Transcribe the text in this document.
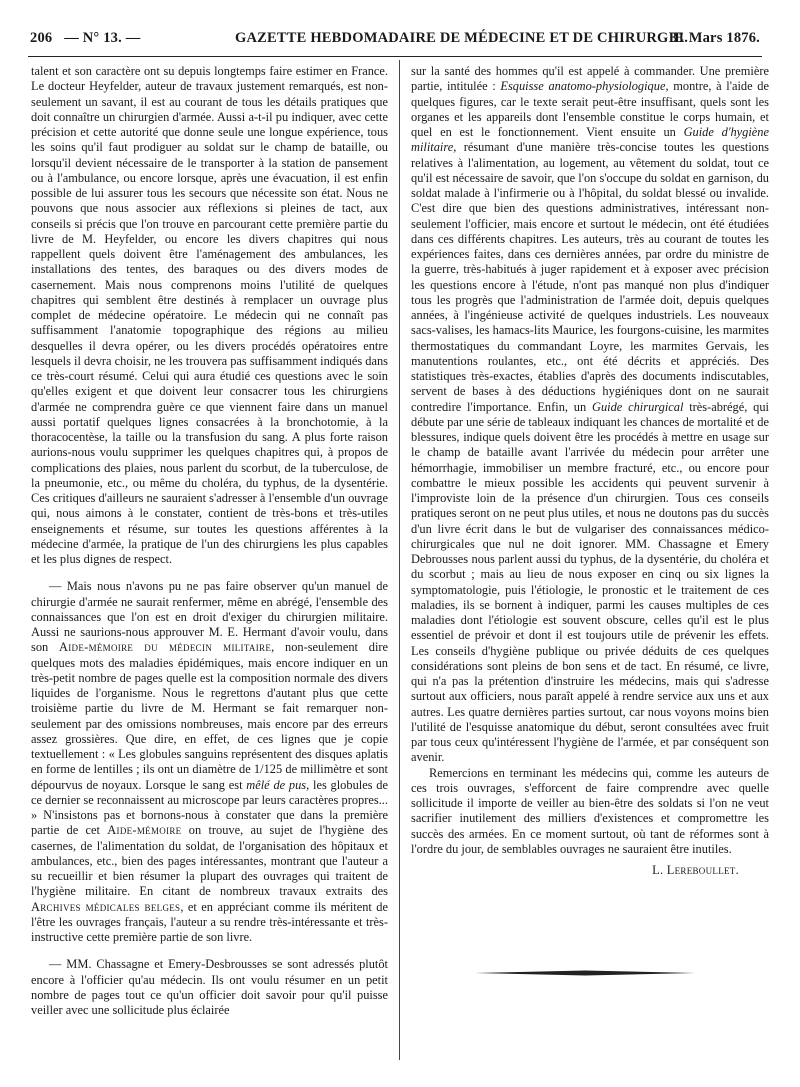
206 — N° 13. —	GAZETTE HEBDOMADAIRE DE MÉDECINE ET DE CHIRURGIE.
31 Mars 1876.

talent et son caractère ont su depuis longtemps faire estimer en France. Le docteur Heyfelder, auteur de travaux justement remarqués, est non-seulement un savant, il est au courant de tous les détails pratiques que doit connaître un chirurgien d'armée. Aussi a-t-il pu indiquer, avec cette précision et cette autorité que donne seule une longue expérience, tous les soins qu'il faut prodiguer au soldat sur le champ de bataille, ou lorsqu'il devient nécessaire de le transporter à la station de pansement ou à l'ambulance, ou encore lorsque, après une évacuation, il est enfin possible de lui assurer tous les secours que nécessite son état. Nous ne pouvons que nous associer aux réflexions si pleines de tact, aux conseils si précis que l'on trouve en parcourant cette première partie du livre de M. Heyfelder, ou encore les divers chapitres qui nous rappellent quels doivent être l'aménagement des ambulances, les installations des tentes, des baraques ou des divers modes de casernement. Mais nous comprenons moins l'utilité de quelques chapitres qui semblent être destinés à remplacer un ouvrage plus complet de médecine opératoire. Le médecin qui ne connaît pas suffisamment l'anatomie topographique des régions au milieu desquelles il devra opérer, ou les divers procédés opératoires entre lesquels il devra choisir, ne les trouvera pas suffisamment indiqués dans ce très-court résumé. Celui qui aura étudié ces questions avec le soin qu'elles exigent et que doivent leur consacrer tous les chirurgiens d'armée ne comprendra guère ce que viennent faire dans un manuel aussi portatif quelques lignes consacrées à la bronchotomie, à la thoracocentèse, la taille ou la transfusion du sang. A plus forte raison aurions-nous voulu supprimer les quelques chapitres qui, à propos de complications des plaies, nous parlent du scorbut, de la tuberculose, de la pneumonie, etc., ou même du choléra, du typhus, de la dysentérie. Ces critiques d'ailleurs ne sauraient s'adresser à l'ensemble d'un ouvrage qui, nous aimons à le constater, contient de très-bons et très-utiles enseignements et résume, sur toutes les questions afférentes à la médecine d'armée, la pratique de l'un des chirurgiens les plus capables et les plus dignes de respect.

— Mais nous n'avons pu ne pas faire observer qu'un manuel de chirurgie d'armée ne saurait renfermer, même en abrégé, l'ensemble des connaissances que l'on est en droit d'exiger du chirurgien militaire. Aussi ne saurions-nous approuver M. E. Hermant d'avoir voulu, dans son Aide-mémoire du médecin militaire, non-seulement dire quelques mots des maladies épidémiques, mais encore indiquer en un très-petit nombre de pages quelle est la composition normale des divers liquides de l'organisme. Nous le regrettons d'autant plus que cette troisième partie du livre de M. Hermant se fait remarquer non-seulement par des omissions nombreuses, mais encore par des erreurs assez grossières. Que dire, en effet, de ces lignes que je copie textuellement : « Les globules sanguins représentent des disques aplatis en forme de lentilles ; ils ont un diamètre de 1/125 de millimètre et sont dépourvus de noyaux. Lorsque le sang est mêlé de pus, les globules de ce dernier se reconnaissent au microscope par leurs caractères propres... » N'insistons pas et bornons-nous à constater que dans la première partie de cet Aide-mémoire on trouve, au sujet de l'hygiène des casernes, de l'alimentation du soldat, de l'organisation des hôpitaux et ambulances, etc., bien des pages intéressantes, montrant que l'auteur a su recueillir et bien résumer la plupart des ouvrages qui traitent de l'hygiène militaire. En citant de nombreux travaux extraits des Archives médicales belges, et en appréciant comme ils méritent de l'être les ouvrages français, l'auteur a su rendre très-intéressante et très-instructive cette première partie de son livre.

— MM. Chassagne et Emery-Desbrousses se sont adressés plutôt encore à l'officier qu'au médecin. Ils ont voulu résumer en un petit nombre de pages tout ce qu'un officier doit savoir pour qu'il puisse veiller avec une sollicitude plus éclairée

sur la santé des hommes qu'il est appelé à commander. Une première partie, intitulée : Esquisse anatomo-physiologique, montre, à l'aide de quelques figures, car le texte serait peut-être insuffisant, quels sont les organes et les appareils dont l'ensemble constitue le corps humain, et quel en est le fonctionnement. Vient ensuite un Guide d'hygiène militaire, résumant d'une manière très-concise toutes les questions relatives à l'alimentation, au logement, au vêtement du soldat, tout ce qu'il est nécessaire de savoir, que l'on s'occupe du soldat en garnison, du soldat malade à l'infirmerie ou à l'hôpital, du soldat blessé ou invalide. C'est dire que bien des questions administratives, intéressant non-seulement l'officier, mais encore et surtout le médecin, ont été étudiées dans ces différents chapitres. Les auteurs, très au courant de toutes les expériences faites, dans ces dernières années, par ordre du ministre de la guerre, très-habitués à juger rapidement et à exposer avec précision les questions encore à l'étude, n'ont pas manqué non plus d'indiquer tous les progrès que l'administration de l'armée doit, depuis quelques années, à l'ingénieuse activité de quelques industriels. Les nouveaux sacs-valises, les hamacs-lits Maurice, les fourgons-cuisine, les marmites thermostatiques du commandant Loyre, les marmites Gervais, les manutentions roulantes, etc., ont été décrits et appréciés. Des statistiques très-exactes, établies d'après des documents indiscutables, servent de bases à des déductions hygiéniques dont on ne saurait contredire l'importance. Enfin, un Guide chirurgical très-abrégé, qui débute par une série de tableaux indiquant les chances de mortalité et de blessures, indique quels doivent être les procédés à mettre en usage sur le champ de bataille avant l'arrivée du médecin pour arrêter une hémorrhagie, immobiliser un membre fracturé, etc., ou encore pour combattre le mieux possible les accidents qui peuvent survenir à l'improviste loin de la présence d'un chirurgien. Tous ces conseils pratiques seront on ne peut plus utiles, et nous ne doutons pas du succès d'un livre écrit dans le but de vulgariser des connaissances médico-chirurgicales que nul ne doit ignorer. MM. Chassagne et Emery Debrousses nous parlent aussi du typhus, de la dysentérie, du choléra et du scorbut ; mais au lieu de nous exposer en cinq ou six lignes la symptomatologie, puis l'étiologie, le pronostic et le traitement de ces maladies, ils se bornent à indiquer, parmi les causes multiples de ces maladies dont l'étiologie est souvent obscure, celles qu'il est le plus essentiel de prévoir et dont il est toujours utile de prévenir les effets. Les conseils d'hygiène publique ou privée déduits de ces quelques considérations sont pleins de bon sens et de tact. En résumé, ce livre, qui n'a pas la prétention d'instruire les médecins, mais qui s'adresse surtout aux officiers, nous paraît appelé à rendre service aux uns et aux autres. Les quatre dernières parties surtout, car nous voyons moins bien l'utilité de l'esquisse anatomique du début, seront consultées avec fruit par tous ceux qu'intéressent l'hygiène de l'armée, et par conséquent son avenir.

Remercions en terminant les médecins qui, comme les auteurs de ces trois ouvrages, s'efforcent de faire comprendre avec quelle sollicitude il importe de veiller au bien-être des soldats si l'on ne veut sacrifier inutilement des milliers d'existences et compromettre les succès des armées. En ce moment surtout, où tant de réformes sont à l'ordre du jour, de semblables ouvrages ne sauraient être inutiles.

L. Lereboullet.
